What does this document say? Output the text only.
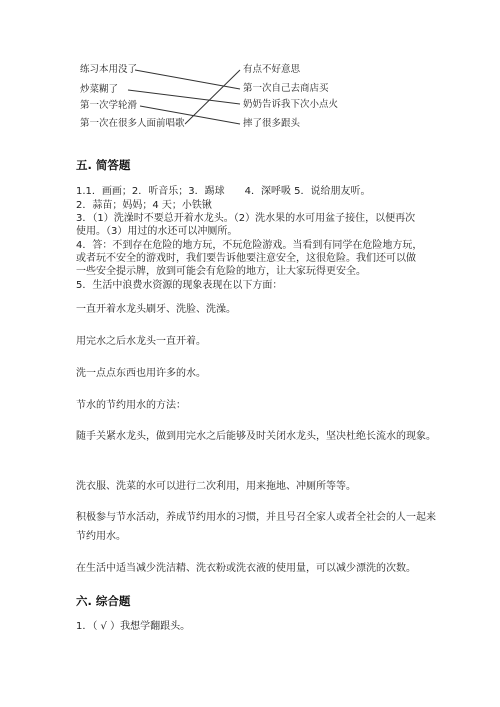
练习本用没了
炒菜糊了
第一次学轮滑
第一次在很多人面前唱歌
有点不好意思
第一次自己去商店买
奶奶告诉我下次小点火
摔了很多跟头
五. 简答题
1.1．画画；2．听音乐；3．踢球　　4．深呼吸 5．说给朋友听。
2．蒜苗；妈妈；4 天；小铁锹
3．（1）洗澡时不要总开着水龙头。（2）洗水果的水可用盆子接住，以便再次
使用。（3）用过的水还可以冲厕所。
4．答：不到存在危险的地方玩，不玩危险游戏。当看到有同学在危险地方玩，
或者玩不安全的游戏时，我们要告诉他要注意安全，这很危险。我们还可以做
一些安全提示牌，放到可能会有危险的地方，让大家玩得更安全。
5．生活中浪费水资源的现象表现在以下方面：
一直开着水龙头刷牙、洗脸、洗澡。
用完水之后水龙头一直开着。
洗一点点东西也用许多的水。
节水的节约用水的方法：
随手关紧水龙头，做到用完水之后能够及时关闭水龙头，坚决杜绝长流水的现象。
洗衣服、洗菜的水可以进行二次利用，用来拖地、冲厕所等等。
积极参与节水活动，养成节约用水的习惯，并且号召全家人或者全社会的人一起来节约用水。
在生活中适当减少洗洁精、洗衣粉或洗衣液的使用量，可以减少漂洗的次数。
六. 综合题
1．（ √ ）我想学翻跟头。
